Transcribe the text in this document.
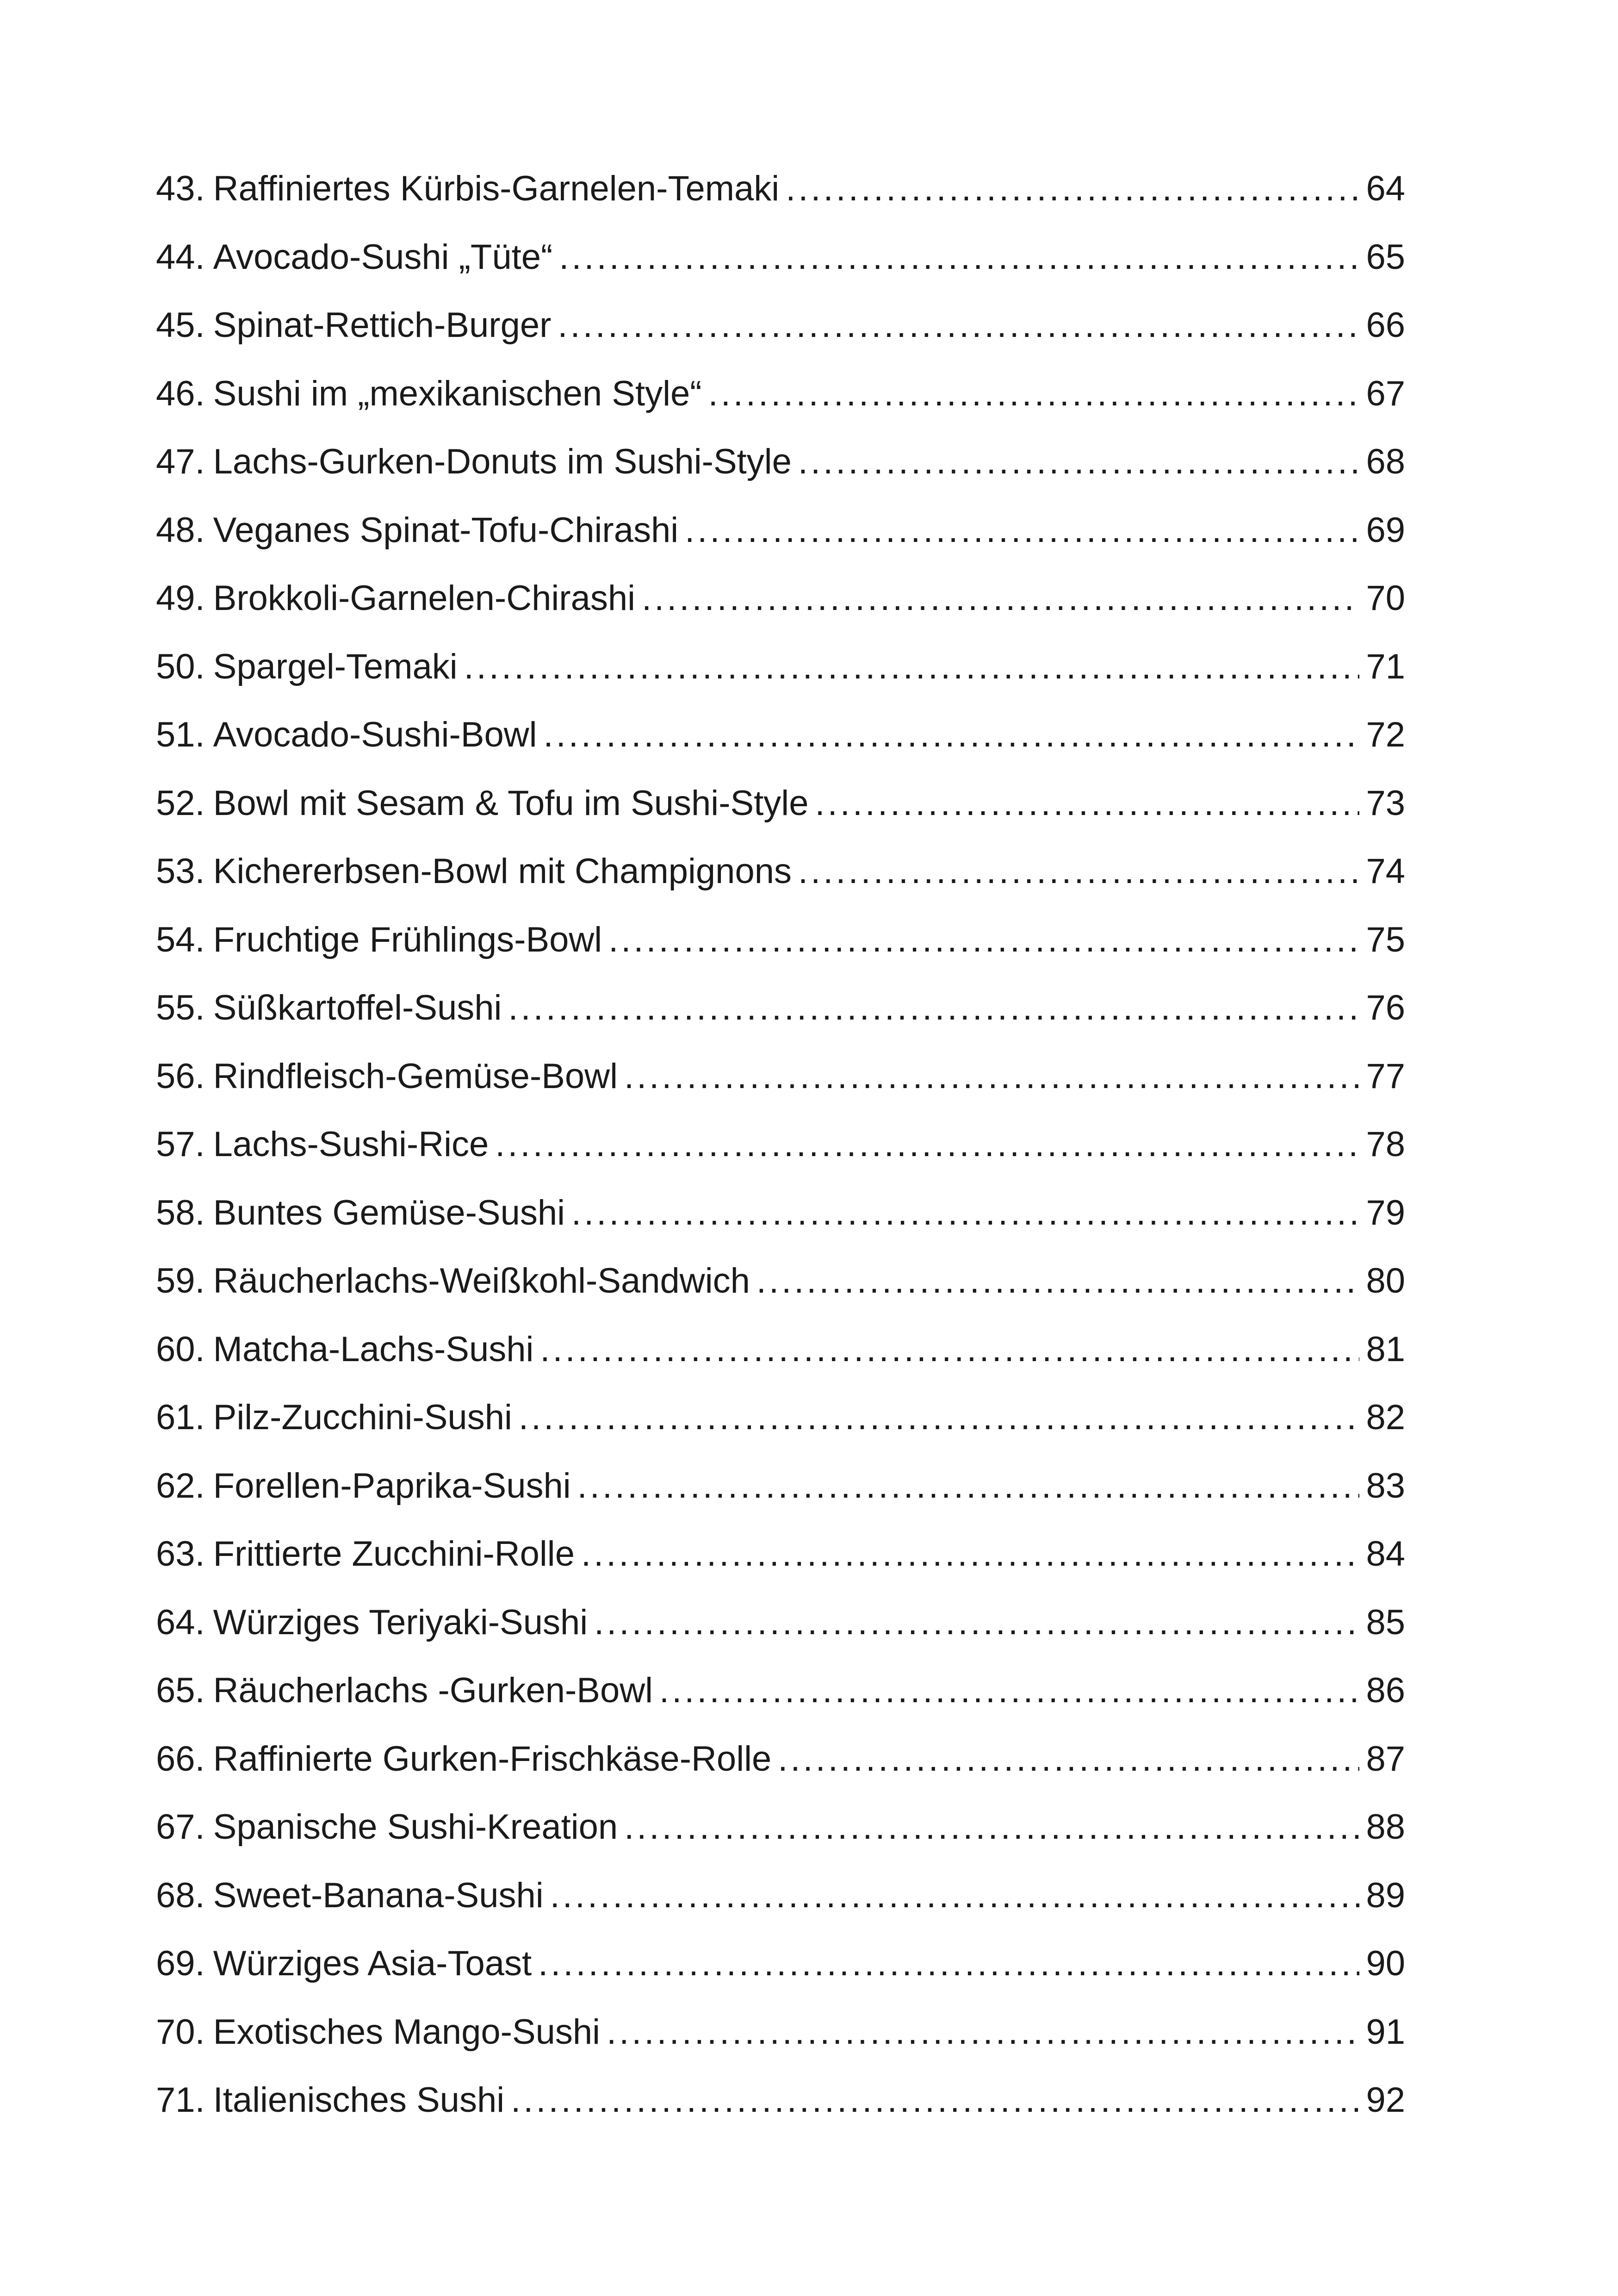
43. Raffiniertes Kürbis-Garnelen-Temaki .....	64
44. Avocado-Sushi „Tüte“ .....	65
45. Spinat-Rettich-Burger .....	66
46. Sushi im „mexikanischen Style“ .....	67
47. Lachs-Gurken-Donuts im Sushi-Style .....	68
48. Veganes Spinat-Tofu-Chirashi .....	69
49. Brokkoli-Garnelen-Chirashi .....	70
50. Spargel-Temaki .....	71
51. Avocado-Sushi-Bowl .....	72
52. Bowl mit Sesam & Tofu im Sushi-Style .....	73
53. Kichererbsen-Bowl mit Champignons .....	74
54. Fruchtige Frühlings-Bowl .....	75
55. Süßkartoffel-Sushi .....	76
56. Rindfleisch-Gemüse-Bowl .....	77
57. Lachs-Sushi-Rice .....	78
58. Buntes Gemüse-Sushi .....	79
59. Räucherlachs-Weißkohl-Sandwich .....	80
60. Matcha-Lachs-Sushi .....	81
61. Pilz-Zucchini-Sushi .....	82
62. Forellen-Paprika-Sushi .....	83
63. Frittierte Zucchini-Rolle .....	84
64. Würziges Teriyaki-Sushi .....	85
65. Räucherlachs -Gurken-Bowl .....	86
66. Raffinierte Gurken-Frischkäse-Rolle .....	87
67. Spanische Sushi-Kreation .....	88
68. Sweet-Banana-Sushi .....	89
69. Würziges Asia-Toast .....	90
70. Exotisches Mango-Sushi .....	91
71. Italienisches Sushi .....	92
